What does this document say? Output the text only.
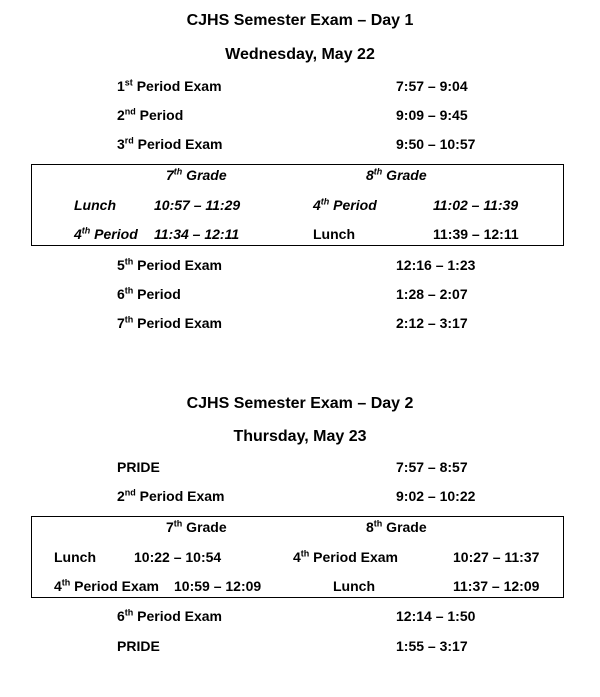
CJHS Semester Exam – Day 1
Wednesday, May 22
1st Period Exam	7:57 – 9:04
2nd Period	9:09 – 9:45
3rd Period Exam	9:50 – 10:57
7th Grade	8th Grade
Lunch	10:57 – 11:29	4th Period	11:02 – 11:39
4th Period 11:34 – 12:11	Lunch	11:39 – 12:11
5th Period Exam	12:16 – 1:23
6th Period	1:28 – 2:07
7th Period Exam	2:12 – 3:17
CJHS Semester Exam – Day 2
Thursday, May 23
PRIDE	7:57 – 8:57
2nd Period Exam	9:02 – 10:22
7th Grade	8th Grade
Lunch	10:22 – 10:54	4th Period Exam	10:27 – 11:37
4th Period Exam 10:59 – 12:09	Lunch	11:37 – 12:09
6th Period Exam	12:14 – 1:50
PRIDE	1:55 – 3:17
